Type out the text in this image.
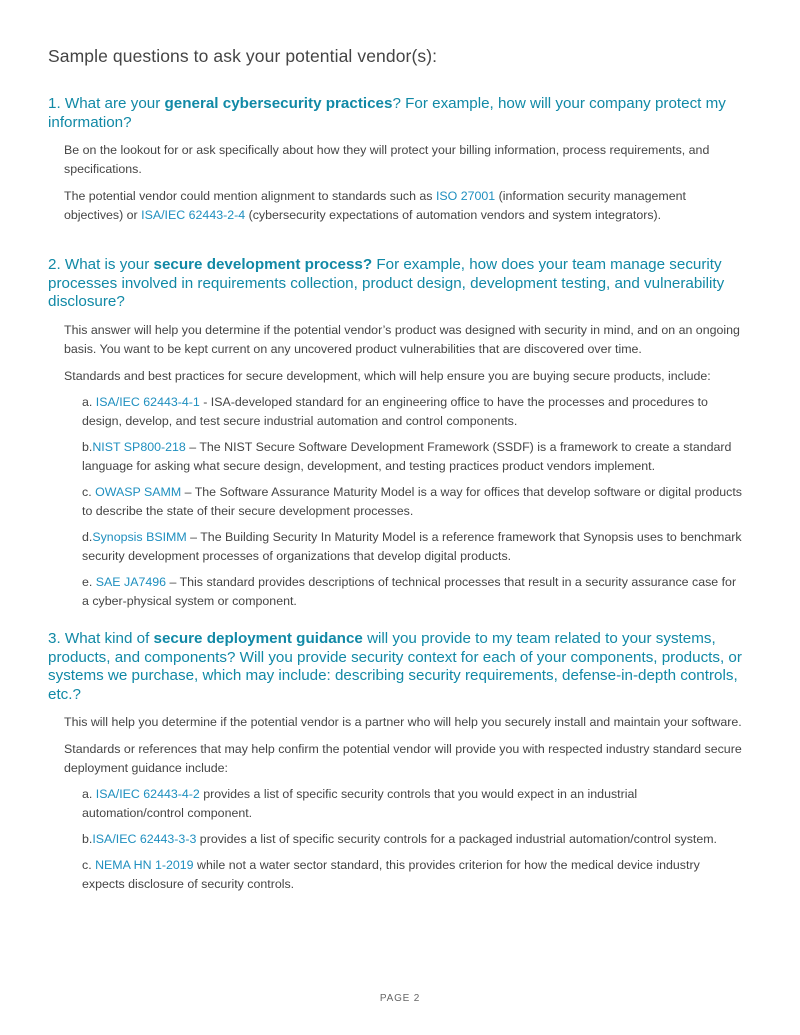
Sample questions to ask your potential vendor(s):

1. What are your general cybersecurity practices? For example, how will your company protect my information?

Be on the lookout for or ask specifically about how they will protect your billing information, process requirements, and specifications.

The potential vendor could mention alignment to standards such as ISO 27001 (information security management objectives) or ISA/IEC 62443-2-4 (cybersecurity expectations of automation vendors and system integrators).

2. What is your secure development process? For example, how does your team manage security processes involved in requirements collection, product design, development testing, and vulnerability disclosure?

This answer will help you determine if the potential vendor’s product was designed with security in mind, and on an ongoing basis. You want to be kept current on any uncovered product vulnerabilities that are discovered over time.

Standards and best practices for secure development, which will help ensure you are buying secure products, include:

a. ISA/IEC 62443-4-1 - ISA-developed standard for an engineering office to have the processes and procedures to design, develop, and test secure industrial automation and control components.

b.NIST SP800-218 – The NIST Secure Software Development Framework (SSDF) is a framework to create a standard language for asking what secure design, development, and testing practices product vendors implement.

c. OWASP SAMM – The Software Assurance Maturity Model is a way for offices that develop software or digital products to describe the state of their secure development processes.

d.Synopsis BSIMM – The Building Security In Maturity Model is a reference framework that Synopsis uses to benchmark security development processes of organizations that develop digital products.

e. SAE JA7496 – This standard provides descriptions of technical processes that result in a security assurance case for a cyber-physical system or component.

3. What kind of secure deployment guidance will you provide to my team related to your systems, products, and components? Will you provide security context for each of your components, products, or systems we purchase, which may include: describing security requirements, defense-in-depth controls, etc.?

This will help you determine if the potential vendor is a partner who will help you securely install and maintain your software.

Standards or references that may help confirm the potential vendor will provide you with respected industry standard secure deployment guidance include:

a. ISA/IEC 62443-4-2 provides a list of specific security controls that you would expect in an industrial automation/control component.

b.ISA/IEC 62443-3-3 provides a list of specific security controls for a packaged industrial automation/control system.

c. NEMA HN 1-2019 while not a water sector standard, this provides criterion for how the medical device industry expects disclosure of security controls.

PAGE 2
